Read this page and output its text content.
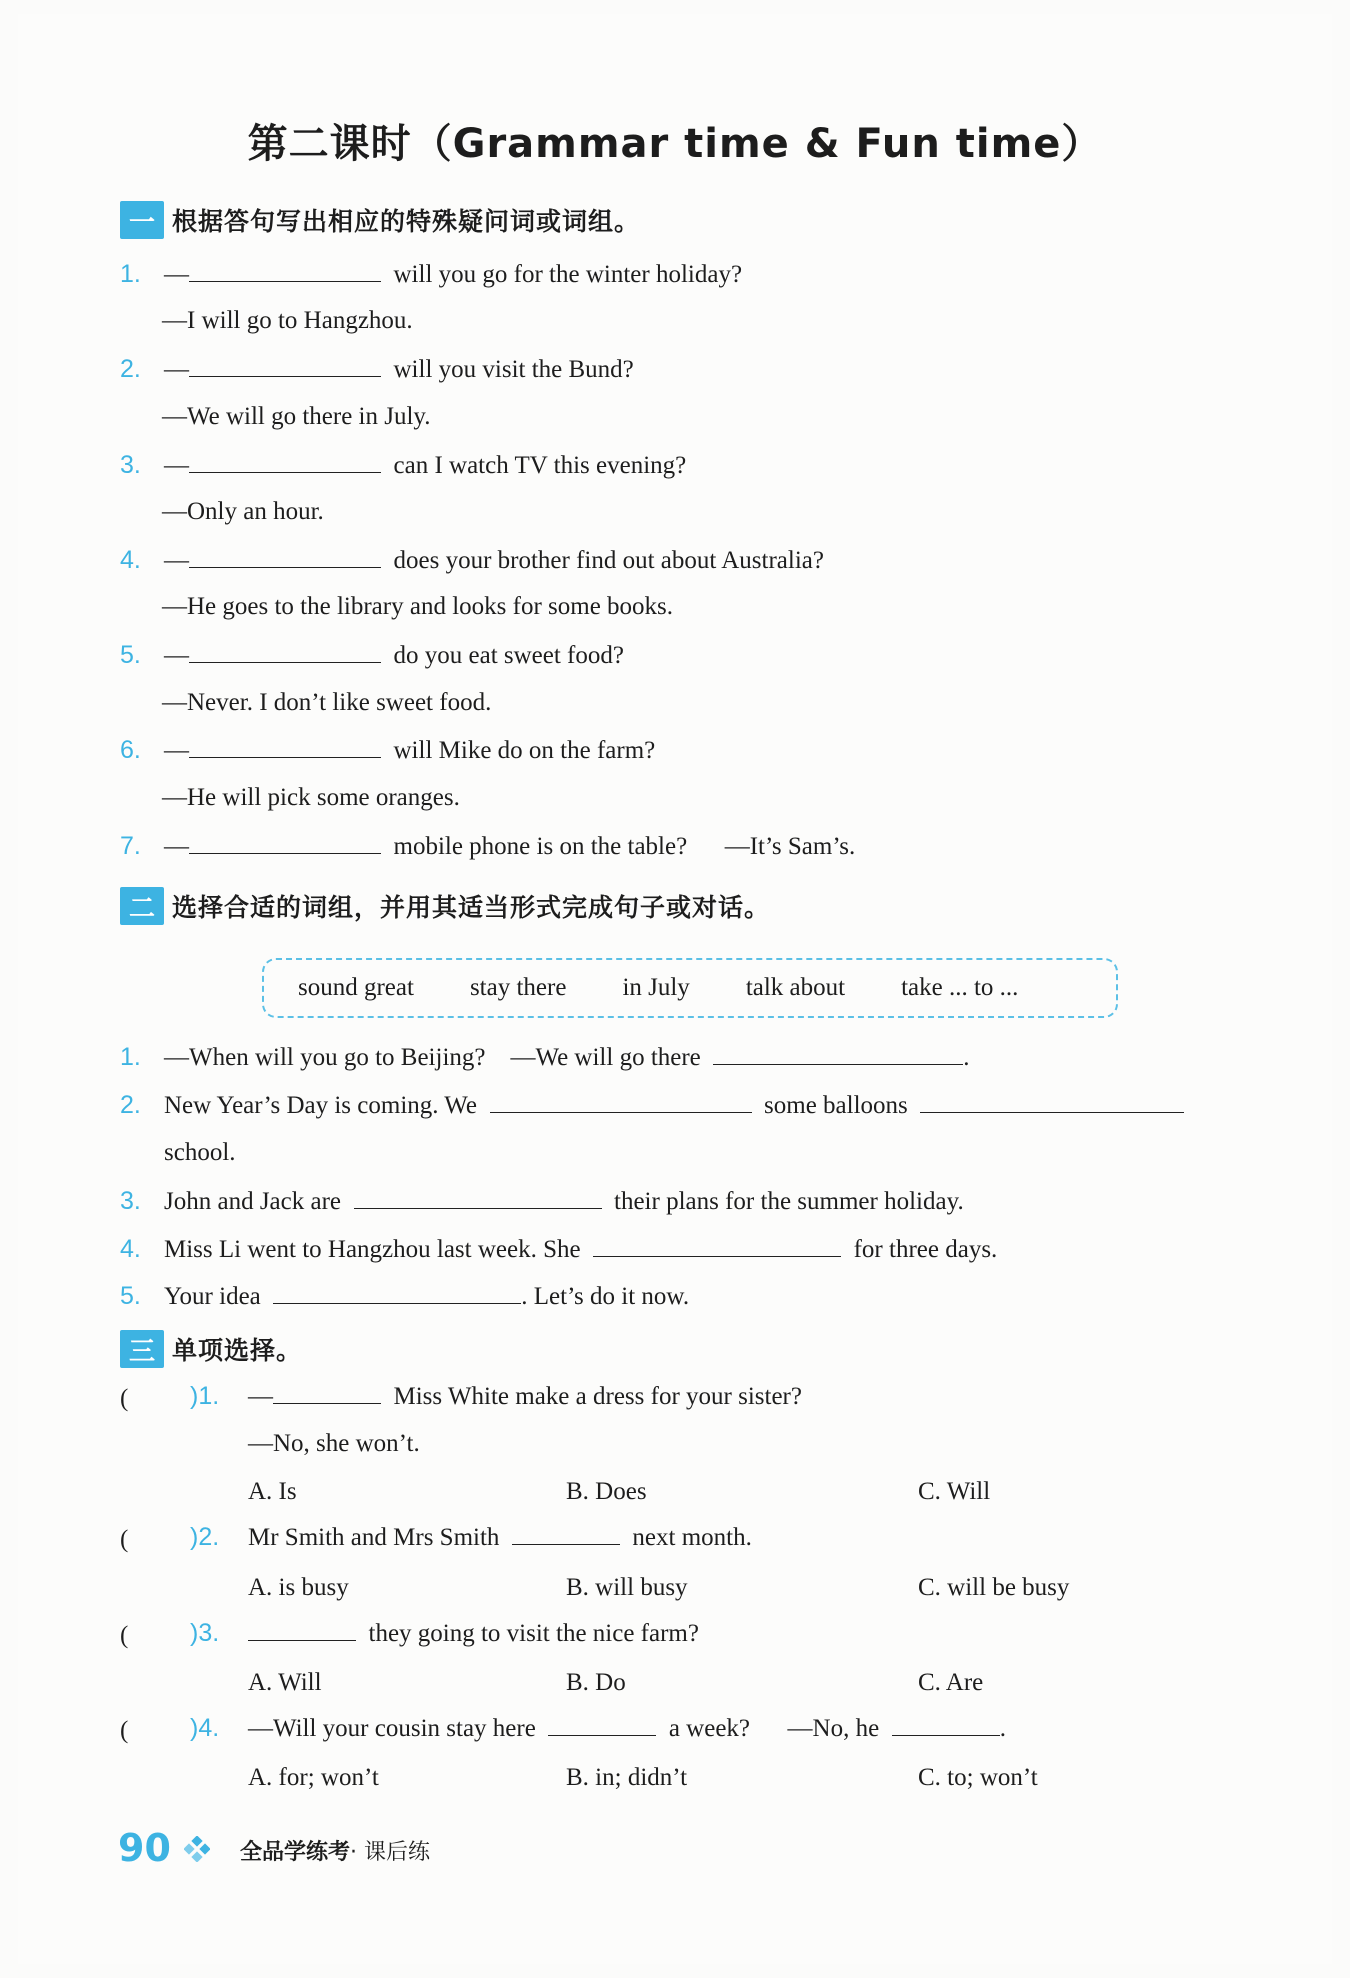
第二课时（Grammar time & Fun time）
一 根据答句写出相应的特殊疑问词或词组。
1. —	will you go for the winter holiday?
—I will go to Hangzhou.
2. —	will you visit the Bund?
—We will go there in July.
3. —	can I watch TV this evening?
—Only an hour.
4. —	does your brother find out about Australia?
—He goes to the library and looks for some books.
5. —	do you eat sweet food?
—Never. I don’t like sweet food.
6. —	will Mike do on the farm?
—He will pick some oranges.
7. —	mobile phone is on the table? —It’s Sam’s.
二 选择合适的词组，并用其适当形式完成句子或对话。
sound great stay there in July talk about take ... to ...
1. —When will you go to Beijing? —We will go there	.
2. New Year’s Day is coming. We	some balloons
school.
3. John and Jack are	their plans for the summer holiday.
4. Miss Li went to Hangzhou last week. She	for three days.
5. Your idea	. Let’s do it now.
三 单项选择。
( )1. —	Miss White make a dress for your sister?
—No, she won’t.
A. Is	B. Does	C. Will
( )2. Mr Smith and Mrs Smith	next month.
A. is busy	B. will busy	C. will be busy
( )3.	they going to visit the nice farm?
A. Will	B. Do	C. Are
( )4. —Will your cousin stay here	a week? —No, he	.
A. for; won’t	B. in; didn’t	C. to; won’t
90	全品学练考· 课后练
